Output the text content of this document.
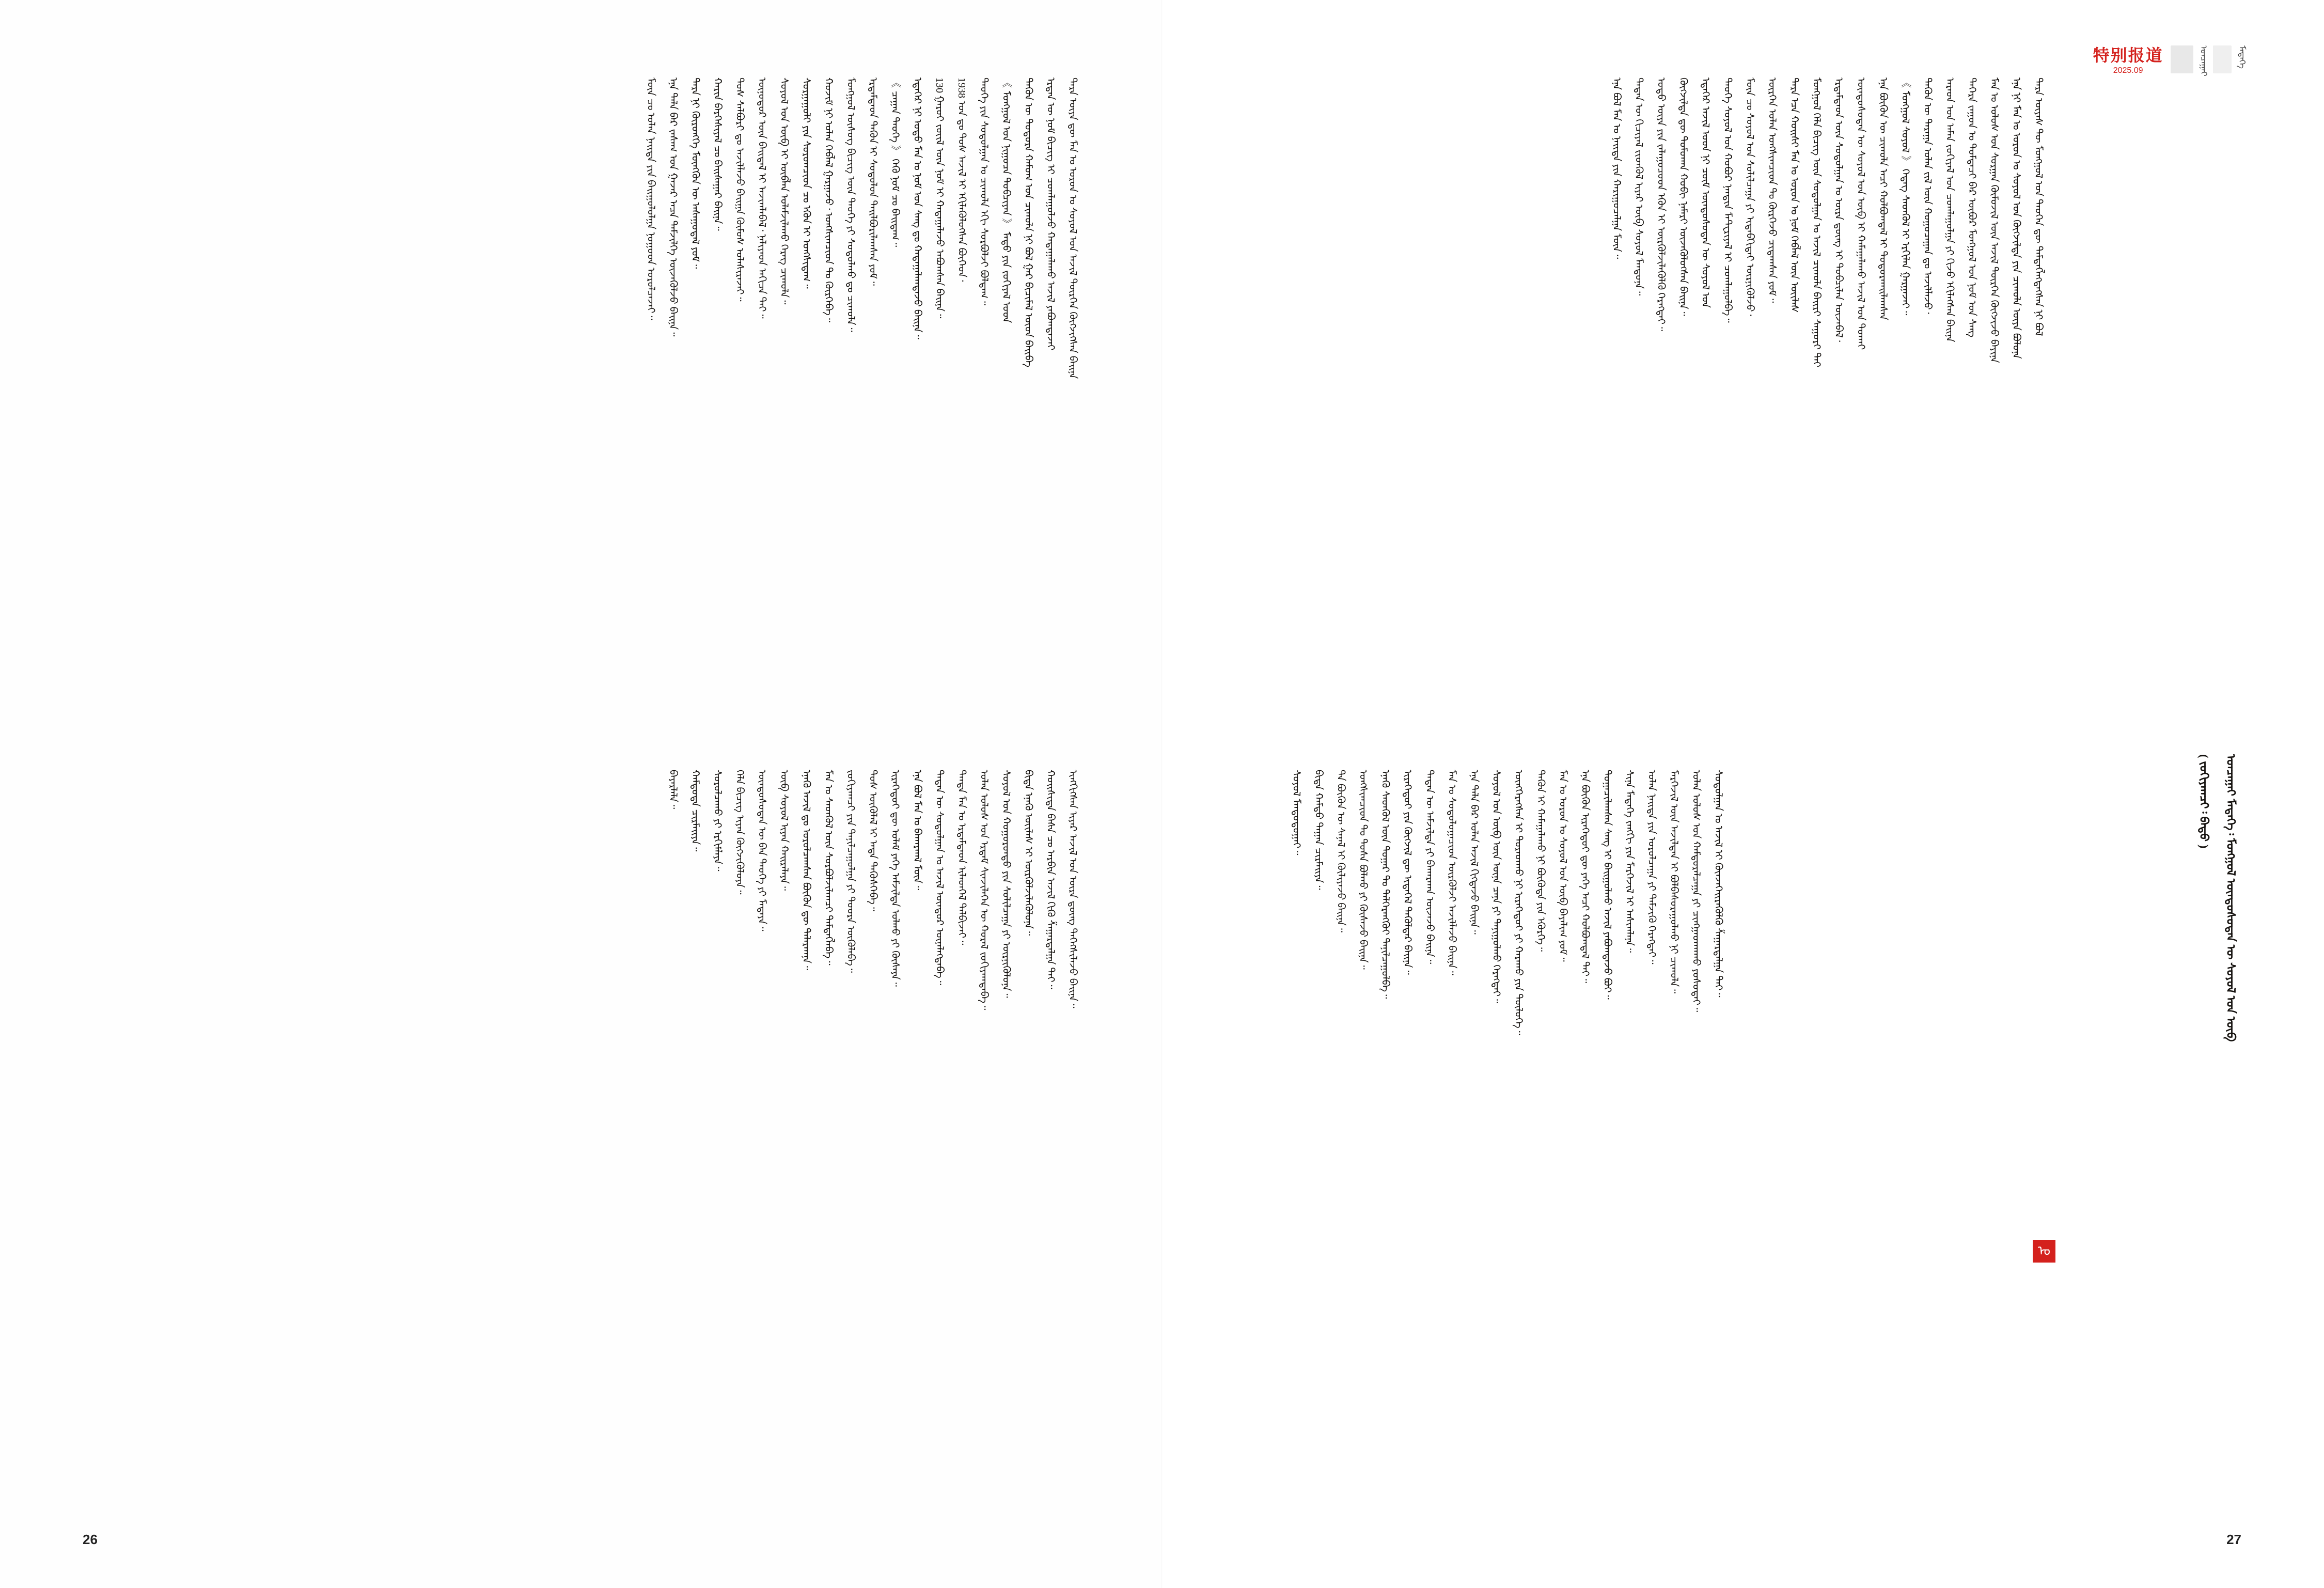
ᠲᠡᠷᠡ ᠦᠶᠡ ᠳᠦ ᠮᠠᠨ ᠤ ᠣᠷᠣᠨ ᠤ ᠰᠣᠶᠣᠯ ᠤᠨ ᠠᠵᠢᠯ ᠲᠦᠷᠭᠡᠨ ᠬᠥᠭᠵᠢᠭᠰᠡᠨ ᠪᠠᠢᠨᠠ
ᠡᠷᠲᠡᠨ ᠦ ᠨᠣᠮ ᠪᠢᠴᠢᠭ ᠢ ᠴᠤᠭᠯᠠᠭᠤᠯᠵᠤ ᠬᠠᠳᠠᠭᠠᠯᠠᠬᠤ ᠠᠵᠢᠯ ᠶᠠᠪᠤᠭᠳᠠᠵᠠᠢ
ᠲᠡᠭᠦᠨ ᠦ ᠳᠣᠲᠣᠷᠠ ᠬᠠᠮᠤᠭ ᠤᠨ ᠴᠢᠬᠤᠯᠠ ᠨᠢ ᠪᠣᠯ ᠭᠠᠷ ᠪᠢᠴᠢᠮᠡᠯ ᠦᠳ ᠪᠠᠢᠪᠠ
《 ᠮᠣᠩᠭᠣᠯ ᠤᠨ ᠨᠢᠭᠤᠴᠠ ᠲᠣᠪᠴᠢᠶᠠᠨ 》 ᠮᠡᠲᠦ ᠶᠢᠨ ᠵᠣᠬᠢᠶᠠᠯ ᠤᠳ
ᠲᠡᠦᠬᠡ ᠶᠢᠨ ᠰᠤᠳᠤᠯᠭᠠᠨ ᠤ ᠴᠢᠬᠤᠯᠠ ᠡᠬᠢ ᠰᠤᠷᠪᠤᠯᠵᠢ ᠪᠣᠯᠳᠠᠭ᠃
1938 ᠣᠨ ᠳᠤ ᠲᠤᠰ ᠠᠵᠢᠯ ᠢ ᠡᠬᠢᠯᠡᠭᠦᠯᠦᠭᠰᠡᠨ ᠪᠥᠭᠡᠳ᠂
130 ᠭᠠᠷᠤᠢ ᠵᠦᠢᠯ ᠦᠨ ᠨᠣᠮ ᠢ ᠬᠠᠳᠠᠭᠠᠯᠠᠵᠤ ᠠᠪᠤᠭᠰᠠᠨ ᠪᠠᠢᠨᠠ᠃
ᠡᠳᠡᠭᠡᠷ ᠨᠢ ᠣᠳᠣ ᠮᠠᠨ ᠤ ᠨᠣᠮ ᠤᠨ ᠰᠠᠩ ᠳᠤ ᠬᠠᠳᠠᠭᠠᠯᠠᠭᠳᠠᠵᠤ ᠪᠠᠢᠨᠠ᠃
《 ᠴᠠᠭᠠᠨ ᠲᠡᠦᠬᠡ 》 ᠭᠡᠬᠦ ᠨᠣᠮ ᠴᠤ ᠪᠠᠢᠳᠠᠭ᠃
ᠡᠷᠳᠡᠮᠲᠡᠳ ᠲᠡᠭᠦᠨ ᠢ ᠰᠤᠳᠤᠯᠤᠨ ᠲᠠᠢᠯᠪᠤᠷᠢᠯᠠᠭᠰᠠᠨ ᠶᠤᠮ᠃
ᠮᠣᠩᠭᠣᠯ ᠦᠰᠦᠭ ᠪᠢᠴᠢᠭ ᠦᠨ ᠲᠡᠦᠬᠡ ᠶᠢ ᠰᠤᠳᠤᠯᠬᠤ ᠳᠤ ᠴᠢᠬᠤᠯᠠ᠃
ᠬᠣᠵᠢᠮ ᠨᠢ ᠣᠯᠠᠨ ᠬᠡᠪᠯᠡᠯ ᠭᠠᠷᠭᠠᠵᠤ᠂ ᠤᠩᠰᠢᠭᠴᠢᠳ ᠲᠤ ᠬᠦᠷᠭᠡᠪᠡ᠃
ᠰᠤᠷᠭᠠᠭᠤᠯᠢ ᠶᠢᠨ ᠰᠤᠷᠤᠭᠴᠢᠳ ᠴᠤ ᠡᠭᠦᠨ ᠢ ᠤᠩᠰᠢᠳᠠᠭ᠃
ᠰᠣᠶᠣᠯ ᠤᠨ ᠥᠪ ᠢ ᠥᠪᠯᠡᠨ ᠤᠯᠠᠮᠵᠢᠯᠠᠬᠤ ᠬᠡᠷᠡᠭ ᠴᠢᠬᠤᠯᠠ᠃
ᠥᠨᠥᠳᠥᠷ ᠦᠨ ᠪᠠᠢᠳᠠᠯ ᠢ ᠠᠵᠢᠭᠯᠠᠪᠠᠯ᠂ ᠨᠡᠯᠢᠶᠡᠳ ᠠᠬᠢᠴᠠ ᠲᠠᠢ᠃
ᠲᠤᠰ ᠰᠠᠯᠪᠤᠷᠢ ᠳᠤ ᠠᠵᠢᠯᠯᠠᠵᠤ ᠪᠠᠢᠭᠠ ᠬᠦᠮᠦᠰ ᠣᠯᠠᠰᠢᠷᠠᠵᠠᠢ᠃
ᠬᠠᠷᠢᠨ ᠪᠡᠷᠬᠡᠰᠢᠶᠡᠯ ᠴᠤ ᠪᠠᠢᠰᠠᠭᠠᠷ ᠪᠠᠢᠨᠠ᠃
ᠲᠡᠷᠡ ᠨᠢ ᠬᠥᠷᠥᠩᠭᠡ ᠮᠥᠩᠭᠦᠨ ᠦ ᠠᠰᠠᠭᠤᠳᠠᠯ ᠶᠤᠮ᠃
ᠡᠨᠡ ᠲᠠᠯᠠ ᠪᠠᠷ ᠵᠠᠰᠠᠭ ᠤᠨ ᠭᠠᠵᠠᠷ ᠠᠴᠠ ᠳᠡᠮᠵᠢᠯᠭᠡ ᠦᠵᠡᠭᠦᠯᠵᠦ ᠪᠠᠢᠨᠠ᠃
ᠮᠥᠨ ᠴᠤ ᠣᠯᠠᠨ ᠨᠡᠢᠲᠡ ᠶᠢᠨ ᠪᠠᠢᠭᠤᠯᠤᠯᠭᠠ ᠨᠤᠭᠤᠳ ᠣᠷᠣᠯᠴᠠᠵᠠᠢ᠃
ᠢᠩᠭᠢᠭᠰᠡᠨ ᠢᠶᠡᠷ ᠠᠵᠢᠯ ᠤᠨ ᠦᠷᠡ ᠳ᠋ᠦᠩ ᠳᠡᠭᠡᠭᠰᠢᠯᠡᠵᠦ ᠪᠠᠢᠨᠠ᠃
ᠬᠣᠢᠰᠢᠳᠠ ᠪᠠᠰᠠ ᠴᠤ ᠠᠷᠪᠢᠨ ᠠᠵᠢᠯ ᠬᠢᠬᠦ ᠱᠠᠭᠠᠷᠳᠠᠯᠭᠠ ᠲᠠᠢ᠃
ᠪᠢᠳᠡ ᠡᠨᠡᠬᠦ ᠦᠢᠯᠡᠰ ᠢ ᠦᠷᠭᠦᠯᠵᠢᠯᠡᠭᠦᠯᠦᠨᠡ᠃
ᠰᠣᠶᠣᠯ ᠤᠨ ᠬᠣᠭᠣᠷᠣᠨᠳᠣ ᠶᠢᠨ ᠰᠣᠯᠢᠯᠴᠠᠭᠠ ᠶᠢ ᠥᠷᠨᠢᠭᠦᠯᠦᠨᠡ᠃
ᠣᠯᠠᠨ ᠤᠯᠤᠰ ᠤᠨ ᠡᠷᠳᠡᠮ ᠰᠢᠨᠵᠢᠯᠡᠭᠡᠨ ᠦ ᠬᠤᠷᠠᠯ ᠵᠣᠬᠢᠶᠠᠭᠳᠠᠪᠠ᠃
ᠲᠡᠨᠳᠡ ᠮᠠᠨ ᠤ ᠡᠷᠳᠡᠮᠲᠡᠳ ᠢᠯᠡᠳᠬᠡᠯ ᠲᠠᠯᠪᠢᠵᠠᠢ᠃
ᠲᠡᠳᠡᠨ ᠦ ᠰᠤᠳᠤᠯᠭᠠᠨ ᠤ ᠠᠵᠢᠯ ᠥᠨᠳᠥᠷ ᠦᠨᠡᠯᠡᠭᠳᠡᠪᠡ᠃
ᠡᠨᠡ ᠪᠣᠯ ᠮᠠᠨ ᠤ ᠪᠠᠬᠠᠷᠬᠠᠯ ᠮᠥᠨ᠃
ᠢᠷᠡᠭᠡᠳᠦᠢ ᠳᠦ ᠤᠯᠠᠮ ᠶᠡᠬᠡ ᠠᠮᠵᠢᠯᠲᠠ ᠣᠯᠬᠤ ᠶᠢ ᠬᠦᠰᠡᠶᠡ᠃
ᠲᠤᠰ ᠥᠭᠦᠯᠡᠯ ᠢ ᠡᠨᠳᠡ ᠲᠡᠭᠦᠰᠭᠡᠪᠡ᠃
ᠵᠣᠬᠢᠶᠠᠭᠴᠢ ᠶᠢᠨ ᠲᠠᠨᠢᠯᠴᠠᠭᠤᠯᠭᠠ ᠶᠢ ᠳᠣᠣᠷᠠ ᠥᠭᠦᠯᠡᠪᠡ᠃
ᠮᠠᠨ ᠤ ᠰᠡᠳᠬᠦᠯ ᠦᠨ ᠰᠤᠷᠪᠤᠯᠵᠢᠯᠠᠭᠴᠢ ᠲᠡᠮᠳᠡᠭᠯᠡᠪᠡ᠃
ᠡᠨᠡᠬᠦ ᠠᠵᠢᠯ ᠳᠤ ᠣᠷᠣᠯᠴᠠᠭᠰᠠᠨ ᠪᠦᠬᠦᠨ ᠳᠦ ᠲᠠᠯᠠᠷᠬᠠᠨᠠ᠃
ᠥᠪ ᠰᠣᠶᠣᠯ ᠢᠶᠠᠨ ᠬᠠᠢᠷᠠᠯᠠᠶᠠ᠃
ᠦᠨᠳᠦᠰᠦᠲᠡᠨ ᠦ ᠪᠡᠨ ᠲᠡᠦᠬᠡ ᠶᠢ ᠮᠡᠳᠡᠶᠡ᠃
ᠬᠡᠯᠡ ᠪᠢᠴᠢᠭ ᠢᠶᠡᠨ ᠬᠥᠭᠵᠢᠭᠦᠯᠦᠶᠡ᠃
ᠰᠤᠷᠤᠯᠴᠠᠬᠤ ᠶᠢ ᠡᠷᠬᠢᠮᠯᠡᠶᠡ᠃
ᠬᠠᠮᠲᠤᠳᠠ ᠴᠢᠷᠮᠠᠢᠶᠠ᠃
ᠪᠠᠶᠠᠷᠯᠠᠯᠠ᠃
26
特别报道
2025.09	ᠣᠨᠴᠠᠭᠠᠢ	ᠮᠡᠳᠡᠭᠡ
ᠣᠨᠴᠠᠭᠠᠢ ᠮᠡᠳᠡᠭᠡ᠄ ᠮᠣᠩᠭᠣᠯ ᠦᠨᠳᠦᠰᠦᠲᠡᠨ ᠦ ᠰᠣᠶᠣᠯ ᠤᠨ ᠥᠪ
( ᠵᠣᠬᠢᠶᠠᠭᠴᠢ᠄ ᠪᠠᠲᠤ )
ᠤ
ᠲᠡᠷᠡ ᠦᠶᠡᠰ ᠲᠦ ᠮᠣᠩᠭᠣᠯ ᠤᠨ ᠲᠡᠦᠬᠡᠨ ᠳᠦ ᠲᠡᠮᠳᠡᠭᠯᠡᠭᠳᠡᠭᠰᠡᠨ ᠨᠢ ᠪᠣᠯ
ᠡᠨᠡ ᠨᠢ ᠮᠠᠨ ᠤ ᠣᠷᠣᠨ ᠤ ᠰᠣᠶᠣᠯ ᠤᠨ ᠬᠥᠭᠵᠢᠯᠲᠡ ᠶᠢᠨ ᠴᠢᠬᠤᠯᠠ ᠦᠶᠡ ᠪᠣᠯᠤᠨᠠ
ᠮᠠᠨ ᠤ ᠤᠯᠤᠰ ᠤᠨ ᠰᠤᠷᠭᠠᠨ ᠬᠥᠮᠦᠵᠢᠯ ᠦᠨ ᠠᠵᠢᠯ ᠲᠦᠷᠭᠡᠨ ᠬᠥᠭᠵᠢᠵᠦ ᠪᠠᠶᠢᠨᠠ
ᠳᠡᠭᠡᠷᠡ ᠵᠠᠭᠤᠨ ᠤ ᠳᠤᠮᠳᠠᠴᠢ ᠪᠠᠷ ᠥᠪᠥᠷ ᠮᠣᠩᠭᠣᠯ ᠤᠨ ᠨᠣᠮ ᠤᠨ ᠰᠠᠩ
ᠠᠷᠠᠳ ᠤᠨ ᠠᠮᠠᠨ ᠵᠣᠬᠢᠶᠠᠯ ᠤᠨ ᠴᠤᠭᠯᠠᠭᠤᠯᠭᠠ ᠶᠢ ᠬᠢᠵᠦ ᠡᠬᠢᠯᠡᠭᠰᠡᠨ ᠪᠠᠢᠨᠠ
ᠲᠡᠭᠦᠨ ᠦ ᠳᠠᠷᠠᠭᠠ ᠣᠯᠠᠨ ᠵᠢᠯ ᠦᠨ ᠬᠤᠭᠤᠴᠠᠭᠠᠨ ᠳᠤ ᠠᠵᠢᠯᠯᠠᠵᠤ᠂
《 ᠮᠣᠩᠭᠣᠯ ᠰᠣᠶᠣᠯ 》 ᠭᠡᠳᠡᠭ ᠰᠡᠳᠬᠦᠯ ᠢ ᠡᠷᠬᠢᠯᠡᠨ ᠭᠠᠷᠭᠠᠵᠠᠢ᠃
ᠡᠨᠡ ᠪᠦᠬᠦᠨ ᠦ ᠴᠢᠬᠤᠯᠠ ᠠᠴᠢ ᠬᠣᠯᠪᠣᠭᠳᠠᠯ ᠢ ᠲᠣᠳᠣᠷᠬᠠᠢᠯᠠᠭᠰᠠᠨ
ᠦᠨᠳᠦᠰᠦᠲᠡᠨ ᠦ ᠰᠣᠶᠣᠯ ᠤᠨ ᠥᠪ ᠢ ᠬᠠᠮᠠᠭᠠᠯᠠᠬᠤ ᠠᠵᠢᠯ ᠤᠨ ᠲᠤᠬᠠᠢ
ᠡᠷᠳᠡᠮᠲᠡᠳ ᠦᠨ ᠰᠤᠳᠤᠯᠭᠠᠨ ᠤ ᠦᠷᠡ ᠳ᠋ᠦᠩ ᠢ ᠲᠣᠪᠴᠢᠯᠠᠨ ᠦᠵᠡᠪᠡᠯ᠂
ᠮᠣᠩᠭᠣᠯ ᠬᠡᠯᠡ ᠪᠢᠴᠢᠭ ᠦᠨ ᠰᠤᠳᠤᠯᠭᠠᠨ ᠤ ᠠᠵᠢᠯ ᠴᠢᠬᠤᠯᠠ ᠪᠠᠢᠷᠢ ᠰᠠᠭᠤᠷᠢ ᠲᠠᠢ
ᠲᠡᠷᠡ ᠡᠴᠡ ᠬᠣᠢᠰᠢ ᠮᠠᠨ ᠤ ᠣᠷᠣᠨ ᠤ ᠨᠣᠮ ᠬᠡᠪᠯᠡᠯ ᠦᠨ ᠦᠢᠯᠡᠰ
ᠥᠷᠭᠡᠨ ᠣᠯᠠᠨ ᠤᠩᠰᠢᠭᠴᠢᠳ ᠲᠤ ᠬᠦᠷᠭᠡᠵᠦ ᠴᠢᠳᠠᠭᠰᠠᠨ ᠶᠤᠮ᠃
ᠮᠥᠨ ᠴᠤ ᠰᠣᠶᠣᠯ ᠤᠨ ᠰᠣᠯᠢᠯᠴᠠᠭᠠ ᠶᠢ ᠢᠳᠡᠪᠬᠢᠲᠡᠢ ᠥᠷᠨᠢᠭᠦᠯᠵᠦ᠂
ᠲᠡᠦᠬᠡ ᠰᠣᠶᠣᠯ ᠤᠨ ᠬᠣᠪᠣᠷ ᠨᠠᠨᠳᠢᠨ ᠮᠠᠲ᠋ᠧᠷᠢᠶᠠᠯ ᠢ ᠴᠤᠭᠯᠠᠭᠤᠯᠪᠠ᠃
ᠡᠳᠡᠭᠡᠷ ᠠᠵᠢᠯ ᠤᠳ ᠨᠢ ᠴᠥᠮ ᠦᠨᠳᠦᠰᠦᠲᠡᠨ ᠦ ᠰᠣᠶᠣᠯ ᠤᠨ
ᠬᠥᠭᠵᠢᠯᠲᠡ ᠳᠦ ᠲᠣᠮᠣᠬᠠᠨ ᠬᠤᠪᠢ ᠨᠡᠮᠡᠷᠢ ᠦᠵᠡᠭᠦᠯᠦᠭᠰᠡᠨ ᠪᠠᠢᠨᠠ᠃
ᠣᠳᠣ ᠦᠶᠡ ᠶᠢᠨ ᠵᠠᠯᠠᠭᠤᠴᠤᠳ ᠡᠭᠦᠨ ᠢ ᠦᠷᠭᠦᠯᠵᠢᠯᠡᠭᠦᠯᠬᠦ ᠬᠡᠷᠡᠭᠲᠡᠢ᠃
ᠲᠡᠳᠡᠨ ᠦ ᠬᠢᠴᠢᠶᠡᠯ ᠵᠢᠳᠬᠦᠯ ᠢᠶᠡᠷ ᠥᠪ ᠰᠣᠶᠣᠯ ᠮᠠᠨᠳᠤᠨᠠ᠃
ᠡᠨᠡ ᠪᠣᠯ ᠮᠠᠨ ᠤ ᠨᠡᠢᠲᠡ ᠶᠢᠨ ᠬᠠᠷᠢᠭᠤᠴᠠᠯᠭᠠ ᠮᠥᠨ᠃
ᠰᠤᠳᠤᠯᠭᠠᠨ ᠤ ᠠᠵᠢᠯ ᠢ ᠭᠦᠨᠵᠡᠭᠡᠢᠷᠡᠭᠦᠯᠬᠦ ᠱᠠᠭᠠᠷᠳᠠᠯᠭᠠ ᠲᠠᠢ᠃
ᠣᠯᠠᠨ ᠤᠯᠤᠰ ᠤᠨ ᠬᠠᠮᠲᠤᠷᠠᠯᠴᠠᠭᠠ ᠶᠢ ᠴᠢᠩᠭᠠᠳᠬᠠᠬᠤ ᠶᠣᠰᠣᠲᠠᠢ᠃
ᠮᠡᠷᠭᠡᠵᠢᠯ ᠦᠨ ᠠᠵᠢᠯᠲᠠᠨ ᠢ ᠪᠣᠯᠪᠠᠰᠤᠷᠠᠭᠤᠯᠬᠤ ᠨᠢ ᠴᠢᠬᠤᠯᠠ᠃
ᠣᠯᠠᠨ ᠨᠡᠢᠲᠡ ᠶᠢᠨ ᠣᠷᠣᠯᠴᠠᠭᠠ ᠶᠢ ᠳᠡᠮᠵᠢᠬᠦ ᠬᠡᠷᠡᠭᠲᠡᠢ᠃
ᠰᠢᠨᠡ ᠮᠡᠳᠡᠭᠡ ᠵᠠᠩᠭᠢ ᠶᠢᠨ ᠮᠡᠷᠭᠡᠵᠢᠯ ᠢ ᠠᠰᠢᠭᠯᠠᠨᠠ᠃
ᠲᠣᠭᠠᠴᠢᠯᠠᠭᠰᠠᠨ ᠰᠠᠩ ᠢ ᠪᠠᠢᠭᠤᠯᠬᠤ ᠠᠵᠢᠯ ᠶᠠᠪᠤᠭᠳᠠᠵᠤ ᠪᠤᠢ᠃
ᠡᠨᠡ ᠪᠦᠬᠦᠨ ᠢᠷᠡᠭᠡᠳᠦᠢ ᠳᠦ ᠶᠡᠬᠡ ᠠᠴᠢ ᠬᠣᠯᠪᠣᠭᠳᠠᠯ ᠲᠠᠢ᠃
ᠮᠠᠨ ᠤ ᠣᠷᠣᠨ ᠤ ᠰᠣᠶᠣᠯ ᠤᠨ ᠥᠪ ᠪᠠᠶᠠᠯᠢᠭ ᠶᠤᠮ᠃
ᠲᠡᠭᠦᠨ ᠢ ᠬᠠᠮᠠᠭᠠᠯᠠᠬᠤ ᠨᠢ ᠪᠦᠬᠦᠳᠡ ᠶᠢᠨ ᠡᠭᠦᠷᠭᠡ᠃
ᠥᠩᠭᠡᠷᠡᠭᠰᠡᠨ ᠢ ᠳᠤᠷᠠᠳᠬᠤ ᠨᠢ ᠢᠷᠡᠭᠡᠳᠦᠢ ᠶᠢ ᠬᠠᠷᠠᠬᠤ ᠶᠢᠨ ᠲᠥᠯᠥᠭᠡ᠃
ᠰᠣᠶᠣᠯ ᠤᠨ ᠥᠪ ᠦᠨ ᠦᠨᠡ ᠴᠡᠨᠡ ᠶᠢ ᠲᠠᠨᠢᠭᠤᠯᠬᠤ ᠬᠡᠷᠡᠭᠲᠡᠢ᠃
ᠡᠨᠡ ᠲᠠᠯᠠ ᠪᠠᠷ ᠣᠯᠠᠨ ᠠᠵᠢᠯ ᠬᠢᠭᠳᠡᠵᠦ ᠪᠠᠢᠨᠠ᠃
ᠮᠠᠨ ᠤ ᠰᠤᠳᠤᠯᠤᠭᠠᠴᠢᠳ ᠦᠷᠭᠦᠯᠵᠢ ᠠᠵᠢᠯᠯᠠᠵᠤ ᠪᠠᠢᠨᠠ᠃
ᠲᠡᠳᠡᠨ ᠦ ᠠᠮᠵᠢᠯᠲᠠ ᠶᠢ ᠪᠠᠬᠠᠷᠬᠠᠨ ᠦᠵᠡᠵᠦ ᠪᠠᠢᠨᠠ᠃
ᠢᠷᠡᠭᠡᠳᠦᠢ ᠶᠢᠨ ᠬᠥᠭᠵᠢᠯ ᠳᠦ ᠢᠲᠡᠭᠡᠯ ᠲᠡᠭᠦᠯᠳᠡᠷ ᠪᠠᠢᠨᠠ᠃
ᠡᠨᠡᠬᠦ ᠰᠡᠳᠬᠦᠯ ᠦᠨ ᠳᠤᠭᠠᠷ ᠲᠤ ᠳᠡᠯᠭᠡᠷᠡᠩᠭᠦᠢ ᠲᠠᠨᠢᠯᠴᠠᠭᠤᠯᠪᠠ᠃
ᠤᠩᠰᠢᠭᠴᠢᠳ ᠲᠤ ᠲᠤᠰᠠ ᠪᠣᠯᠬᠤ ᠶᠢ ᠬᠦᠰᠡᠵᠦ ᠪᠠᠢᠨᠠ᠃
ᠲᠠ ᠪᠦᠬᠦᠨ ᠦ ᠰᠠᠨᠠᠯ ᠢ ᠬᠦᠯᠢᠶᠡᠵᠦ ᠪᠠᠢᠨᠠ᠃
ᠪᠢᠳᠡ ᠬᠠᠮᠲᠤ ᠳᠠᠭᠠᠨ ᠴᠢᠷᠮᠠᠢᠶᠠ᠃
ᠰᠣᠶᠣᠯ ᠮᠠᠨᠳᠤᠲᠤᠭᠠᠢ᠃
27
